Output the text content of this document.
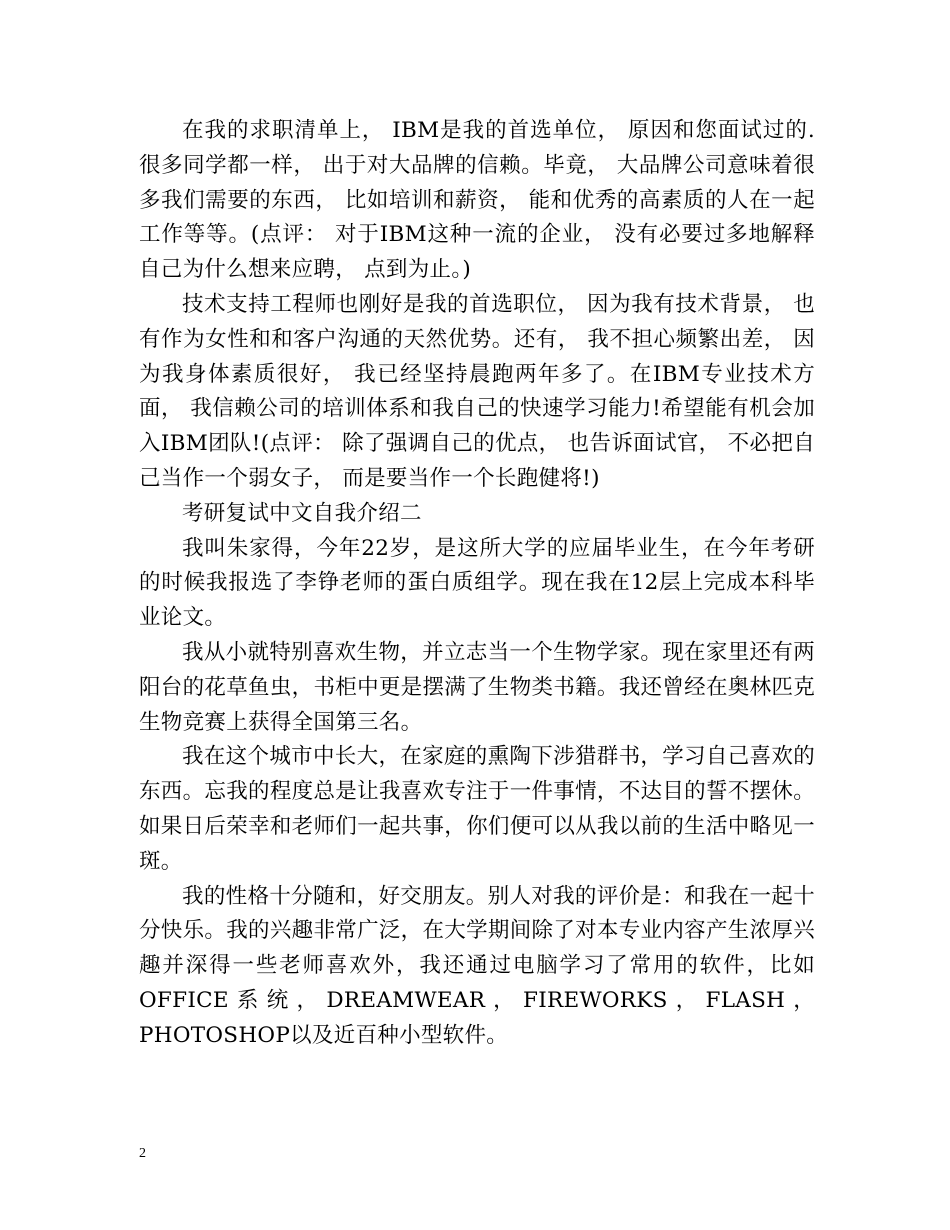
在我的求职清单上， IBM是我的首选单位， 原因和您面试过的.很多同学都一样， 出于对大品牌的信赖。毕竟， 大品牌公司意味着很多我们需要的东西， 比如培训和薪资， 能和优秀的高素质的人在一起工作等等。(点评： 对于IBM这种一流的企业， 没有必要过多地解释自己为什么想来应聘， 点到为止。)

技术支持工程师也刚好是我的首选职位， 因为我有技术背景， 也有作为女性和和客户沟通的天然优势。还有， 我不担心频繁出差， 因为我身体素质很好， 我已经坚持晨跑两年多了。在IBM专业技术方面， 我信赖公司的培训体系和我自己的快速学习能力!希望能有机会加入IBM团队!(点评： 除了强调自己的优点， 也告诉面试官， 不必把自己当作一个弱女子， 而是要当作一个长跑健将!)

考研复试中文自我介绍二

我叫朱家得，今年22岁，是这所大学的应届毕业生，在今年考研的时候我报选了李铮老师的蛋白质组学。现在我在12层上完成本科毕业论文。

我从小就特别喜欢生物，并立志当一个生物学家。现在家里还有两阳台的花草鱼虫，书柜中更是摆满了生物类书籍。我还曾经在奥林匹克生物竞赛上获得全国第三名。

我在这个城市中长大，在家庭的熏陶下涉猎群书，学习自己喜欢的东西。忘我的程度总是让我喜欢专注于一件事情，不达目的誓不摆休。如果日后荣幸和老师们一起共事，你们便可以从我以前的生活中略见一斑。

我的性格十分随和，好交朋友。别人对我的评价是：和我在一起十分快乐。我的兴趣非常广泛，在大学期间除了对本专业内容产生浓厚兴趣并深得一些老师喜欢外，我还通过电脑学习了常用的软件，比如OFFICE系统，DREAMWEAR，FIREWORKS，FLASH，PHOTOSHOP以及近百种小型软件。

2
